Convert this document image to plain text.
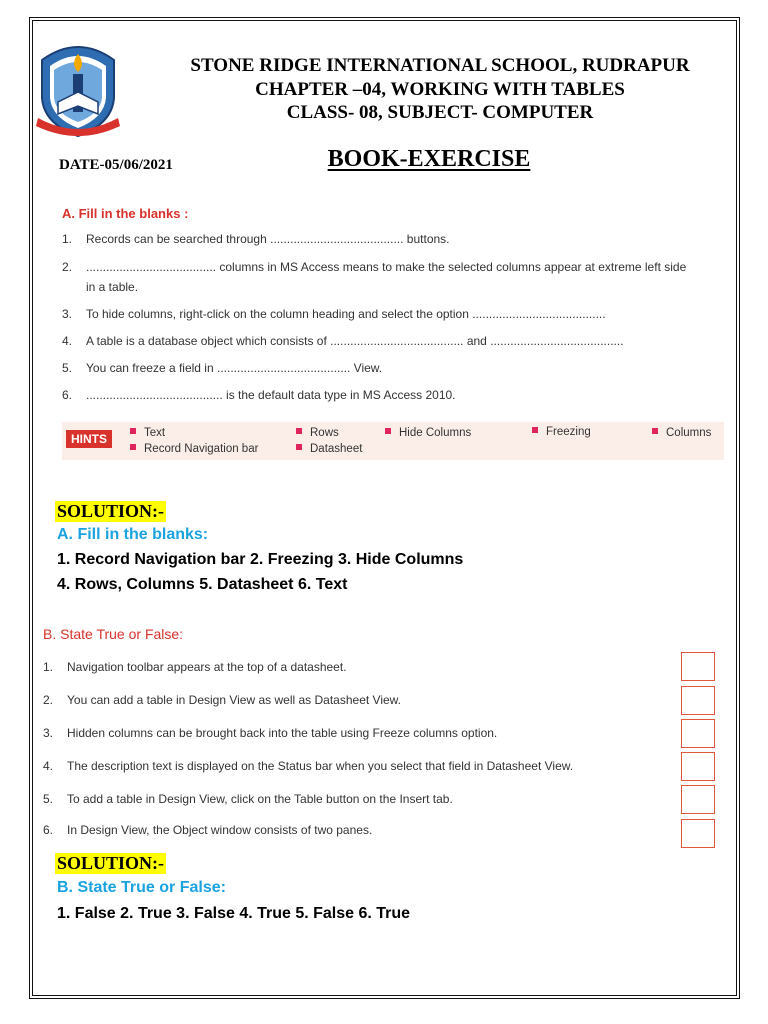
STONE RIDGE INTERNATIONAL SCHOOL, RUDRAPUR
CHAPTER –04, WORKING WITH TABLES
CLASS- 08, SUBJECT- COMPUTER
DATE-05/06/2021	BOOK-EXERCISE
A. Fill in the blanks :
1. Records can be searched through ........................................ buttons.
2. ....................................... columns in MS Access means to make the selected columns appear at extreme left side
in a table.
3. To hide columns, right-click on the column heading and select the option ........................................
4. A table is a database object which consists of ........................................ and ........................................
5. You can freeze a field in ........................................ View.
6. ......................................... is the default data type in MS Access 2010.
HINTS	Text	Rows	Hide Columns	Freezing	Columns
Record Navigation bar	Datasheet
SOLUTION:-
A. Fill in the blanks:
1. Record Navigation bar 2. Freezing 3. Hide Columns
4. Rows, Columns 5. Datasheet 6. Text
B. State True or False:
1. Navigation toolbar appears at the top of a datasheet.
2. You can add a table in Design View as well as Datasheet View.
3. Hidden columns can be brought back into the table using Freeze columns option.
4. The description text is displayed on the Status bar when you select that field in Datasheet View.
5. To add a table in Design View, click on the Table button on the Insert tab.
6. In Design View, the Object window consists of two panes.
SOLUTION:-
B. State True or False:
1. False 2. True 3. False 4. True 5. False 6. True
